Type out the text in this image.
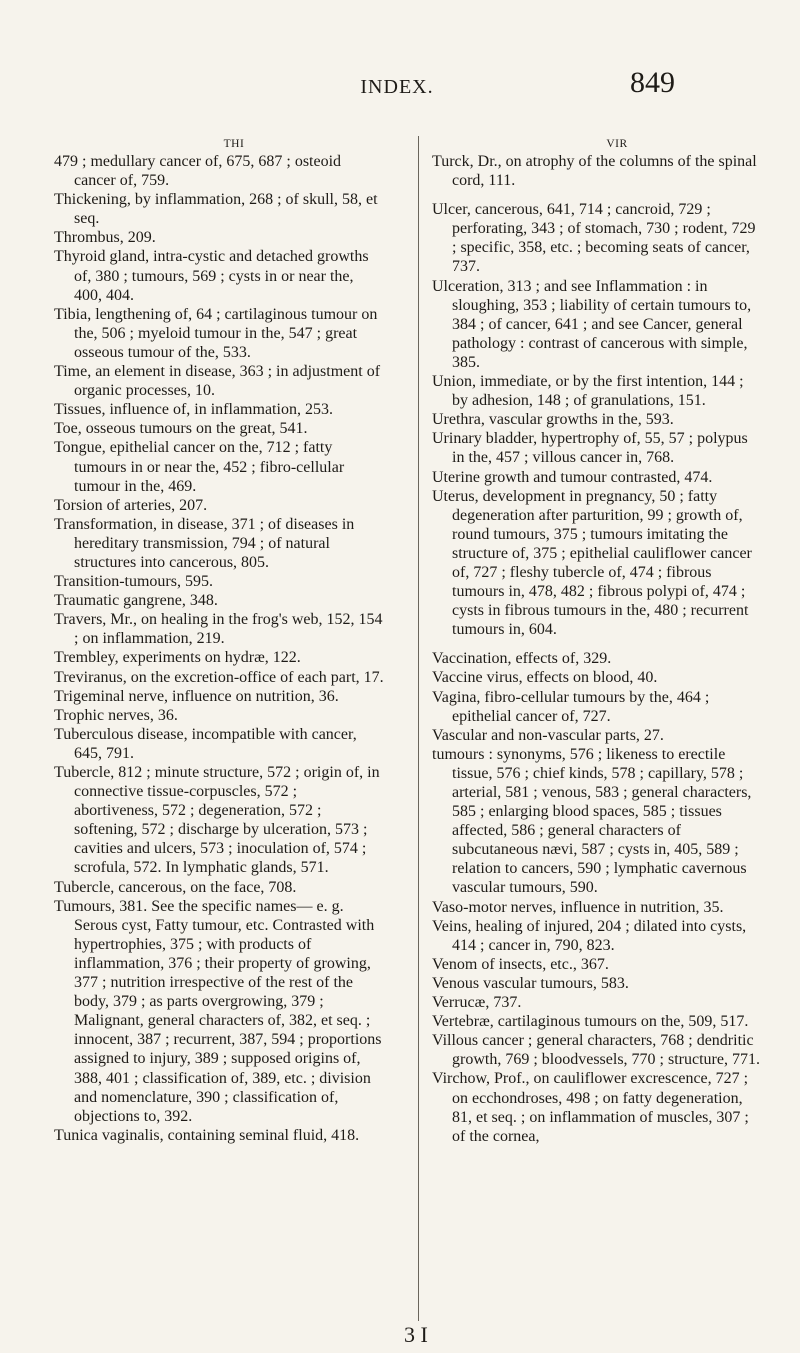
INDEX.	849
THI

479 ; medullary cancer of, 675, 687 ; osteoid cancer of, 759.

Thickening, by inflammation, 268 ; of skull, 58, et seq.

Thrombus, 209.

Thyroid gland, intra-cystic and detached growths of, 380 ; tumours, 569 ; cysts in or near the, 400, 404.

Tibia, lengthening of, 64 ; cartilaginous tumour on the, 506 ; myeloid tumour in the, 547 ; great osseous tumour of the, 533.

Time, an element in disease, 363 ; in adjustment of organic processes, 10.

Tissues, influence of, in inflammation, 253.

Toe, osseous tumours on the great, 541.

Tongue, epithelial cancer on the, 712 ; fatty tumours in or near the, 452 ; fibro-cellular tumour in the, 469.

Torsion of arteries, 207.

Transformation, in disease, 371 ; of diseases in hereditary transmission, 794 ; of natural structures into cancerous, 805.

Transition-tumours, 595.

Traumatic gangrene, 348.

Travers, Mr., on healing in the frog's web, 152, 154 ; on inflammation, 219.

Trembley, experiments on hydræ, 122.

Treviranus, on the excretion-office of each part, 17.

Trigeminal nerve, influence on nutrition, 36.

Trophic nerves, 36.

Tuberculous disease, incompatible with cancer, 645, 791.

Tubercle, 812 ; minute structure, 572 ; origin of, in connective tissue-corpuscles, 572 ; abortiveness, 572 ; degeneration, 572 ; softening, 572 ; discharge by ulceration, 573 ; cavities and ulcers, 573 ; inoculation of, 574 ; scrofula, 572. In lymphatic glands, 571.

Tubercle, cancerous, on the face, 708.

Tumours, 381. See the specific names— e. g. Serous cyst, Fatty tumour, etc. Contrasted with hypertrophies, 375 ; with products of inflammation, 376 ; their property of growing, 377 ; nutrition irrespective of the rest of the body, 379 ; as parts overgrowing, 379 ; Malignant, general characters of, 382, et seq. ; innocent, 387 ; recurrent, 387, 594 ; proportions assigned to injury, 389 ; supposed origins of, 388, 401 ; classification of, 389, etc. ; division and nomenclature, 390 ; classification of, objections to, 392.

Tunica vaginalis, containing seminal fluid, 418.

VIR

Turck, Dr., on atrophy of the columns of the spinal cord, 111.

Ulcer, cancerous, 641, 714 ; cancroid, 729 ; perforating, 343 ; of stomach, 730 ; rodent, 729 ; specific, 358, etc. ; becoming seats of cancer, 737.

Ulceration, 313 ; and see Inflammation : in sloughing, 353 ; liability of certain tumours to, 384 ; of cancer, 641 ; and see Cancer, general pathology : contrast of cancerous with simple, 385.

Union, immediate, or by the first intention, 144 ; by adhesion, 148 ; of granulations, 151.

Urethra, vascular growths in the, 593.

Urinary bladder, hypertrophy of, 55, 57 ; polypus in the, 457 ; villous cancer in, 768.

Uterine growth and tumour contrasted, 474.

Uterus, development in pregnancy, 50 ; fatty degeneration after parturition, 99 ; growth of, round tumours, 375 ; tumours imitating the structure of, 375 ; epithelial cauliflower cancer of, 727 ; fleshy tubercle of, 474 ; fibrous tumours in, 478, 482 ; fibrous polypi of, 474 ; cysts in fibrous tumours in the, 480 ; recurrent tumours in, 604.

Vaccination, effects of, 329.

Vaccine virus, effects on blood, 40.

Vagina, fibro-cellular tumours by the, 464 ; epithelial cancer of, 727.

Vascular and non-vascular parts, 27.

tumours : synonyms, 576 ; likeness to erectile tissue, 576 ; chief kinds, 578 ; capillary, 578 ; arterial, 581 ; venous, 583 ; general characters, 585 ; enlarging blood spaces, 585 ; tissues affected, 586 ; general characters of subcutaneous nævi, 587 ; cysts in, 405, 589 ; relation to cancers, 590 ; lymphatic cavernous vascular tumours, 590.

Vaso-motor nerves, influence in nutrition, 35.

Veins, healing of injured, 204 ; dilated into cysts, 414 ; cancer in, 790, 823.

Venom of insects, etc., 367.

Venous vascular tumours, 583.

Verrucæ, 737.

Vertebræ, cartilaginous tumours on the, 509, 517.

Villous cancer ; general characters, 768 ; dendritic growth, 769 ; bloodvessels, 770 ; structure, 771.

Virchow, Prof., on cauliflower excrescence, 727 ; on ecchondroses, 498 ; on fatty degeneration, 81, et seq. ; on inflammation of muscles, 307 ; of the cornea,

3 I
